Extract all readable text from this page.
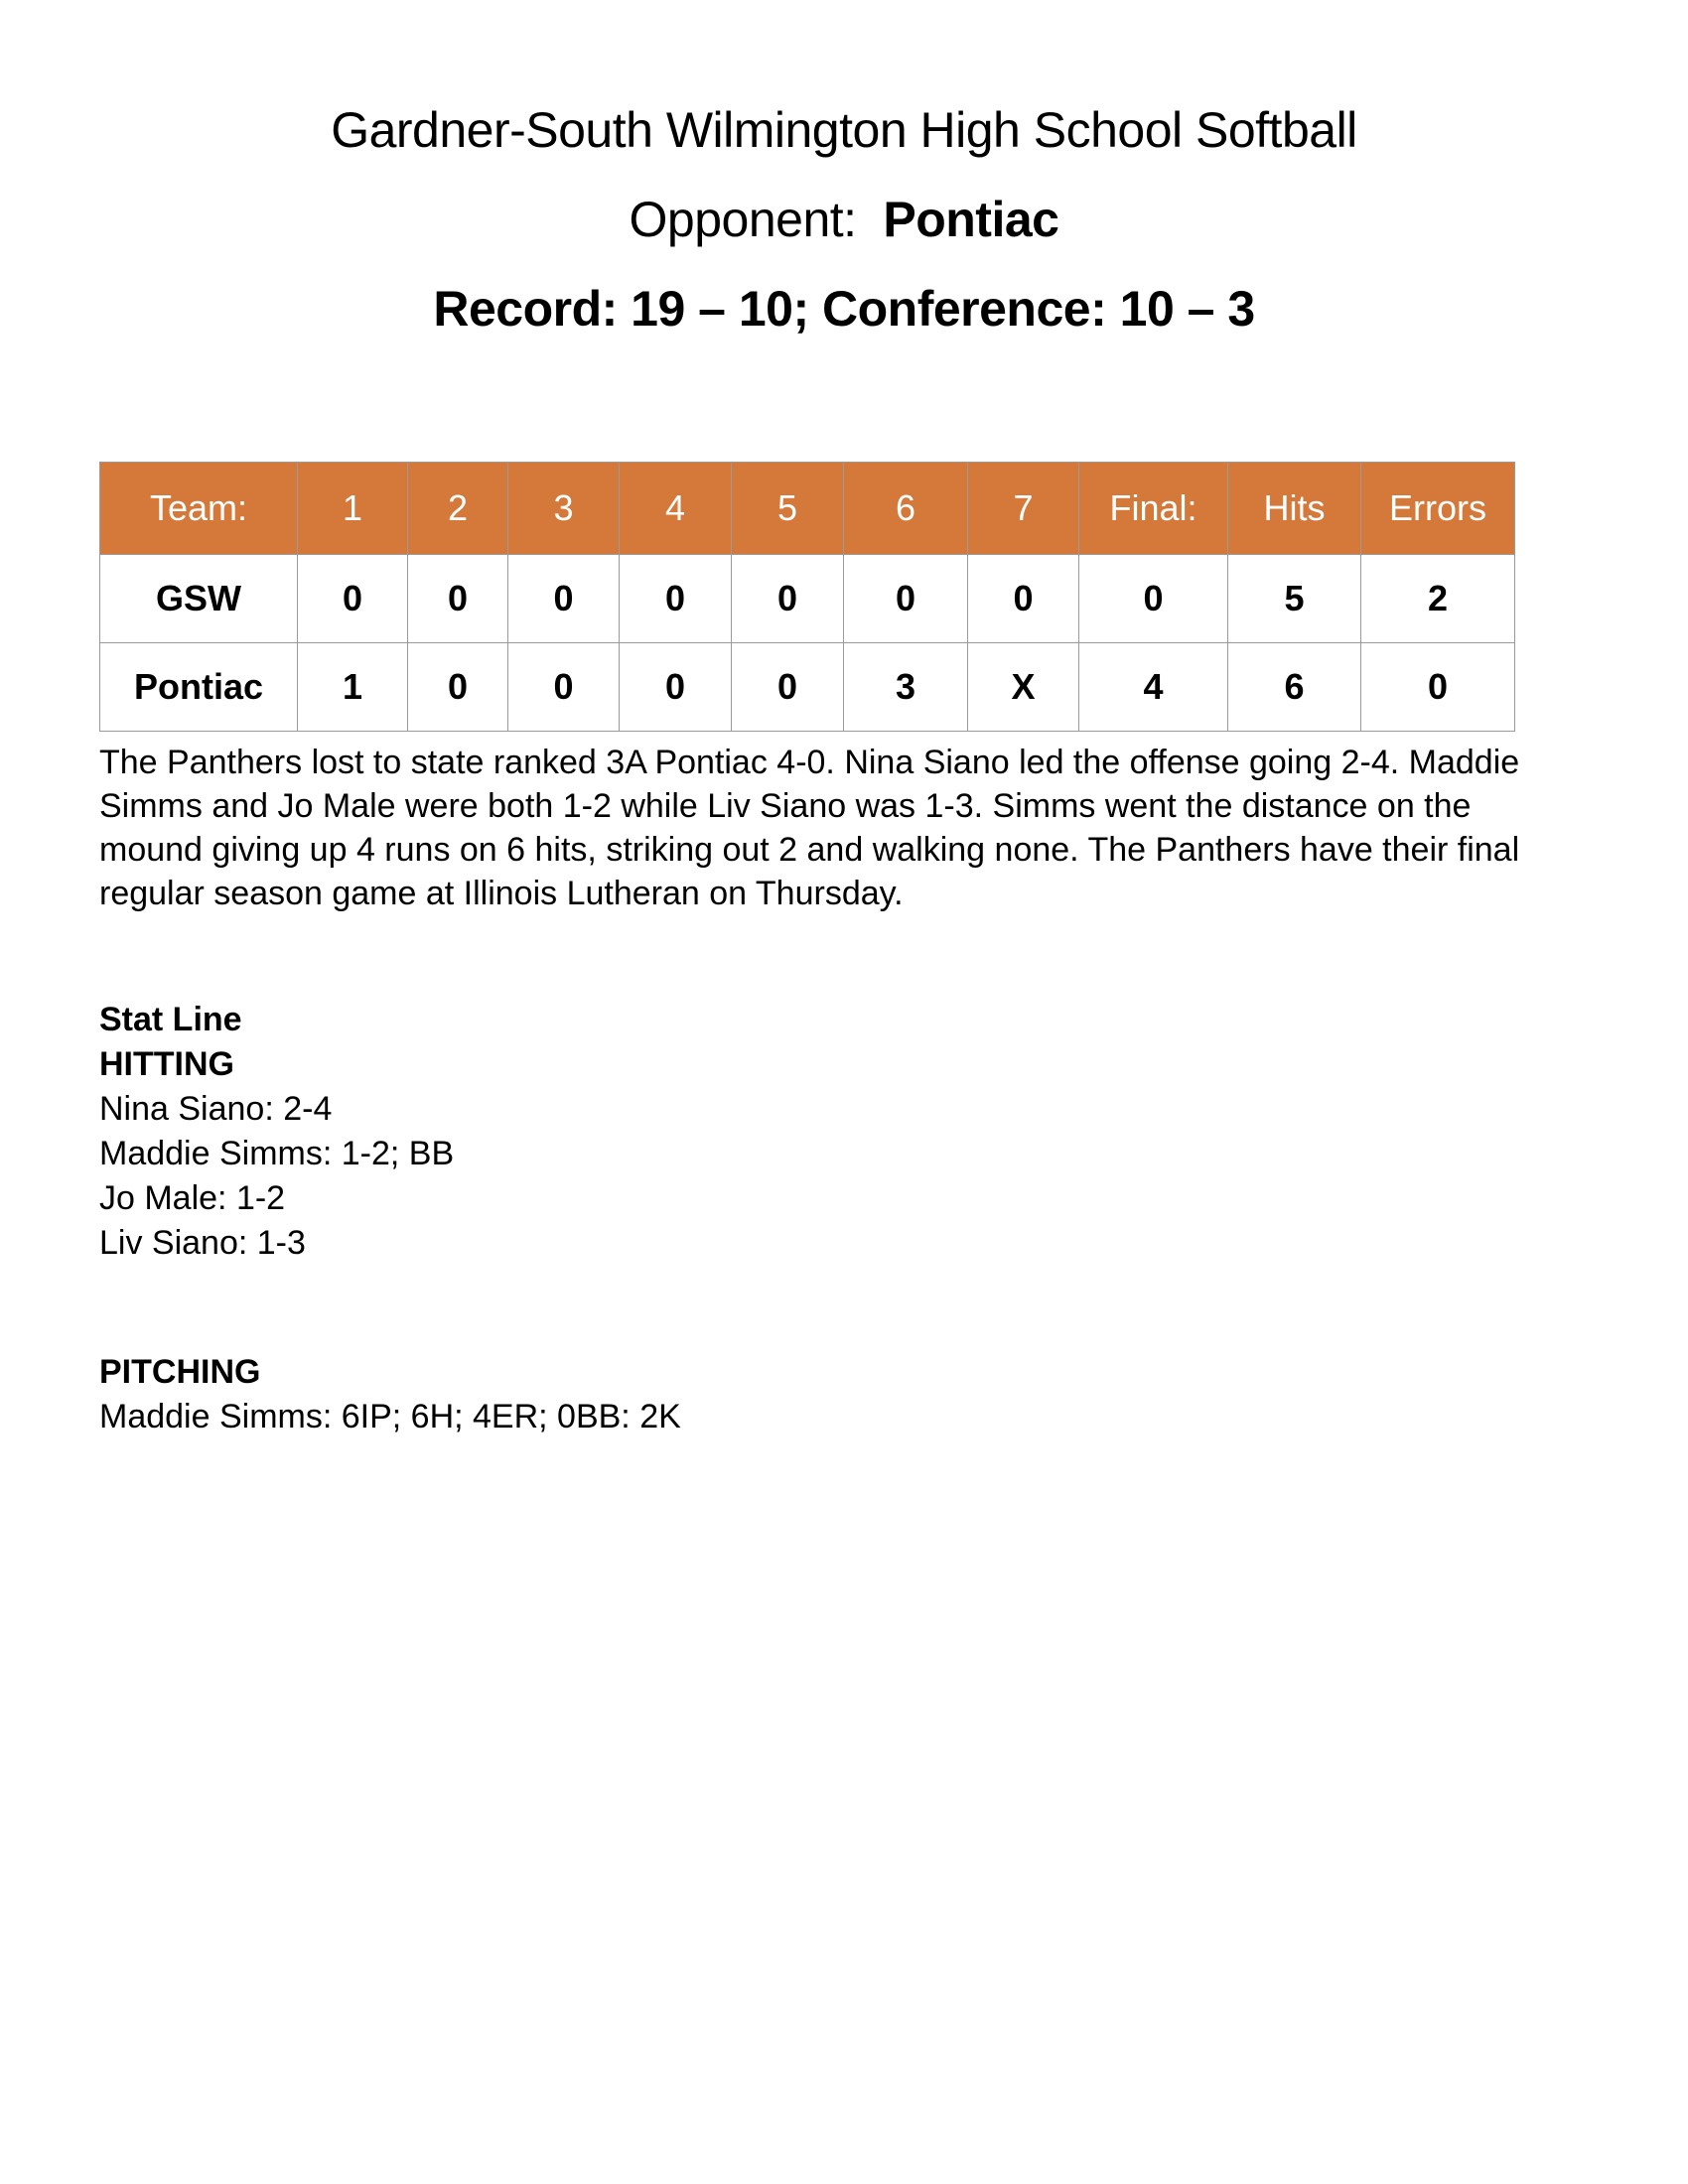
Gardner-South Wilmington High School Softball
Opponent: Pontiac
Record: 19 – 10; Conference: 10 – 3
Team:	1	2	3	4	5	6	7	Final:	Hits	Errors
GSW	0	0	0	0	0	0	0	0	5	2
Pontiac	1	0	0	0	0	3	X	4	6	0
The Panthers lost to state ranked 3A Pontiac 4-0. Nina Siano led the offense going 2-4. Maddie Simms and Jo Male were both 1-2 while Liv Siano was 1-3. Simms went the distance on the mound giving up 4 runs on 6 hits, striking out 2 and walking none. The Panthers have their final regular season game at Illinois Lutheran on Thursday.
Stat Line
HITTING
Nina Siano: 2-4
Maddie Simms: 1-2; BB
Jo Male: 1-2
Liv Siano: 1-3
PITCHING
Maddie Simms: 6IP; 6H; 4ER; 0BB: 2K
